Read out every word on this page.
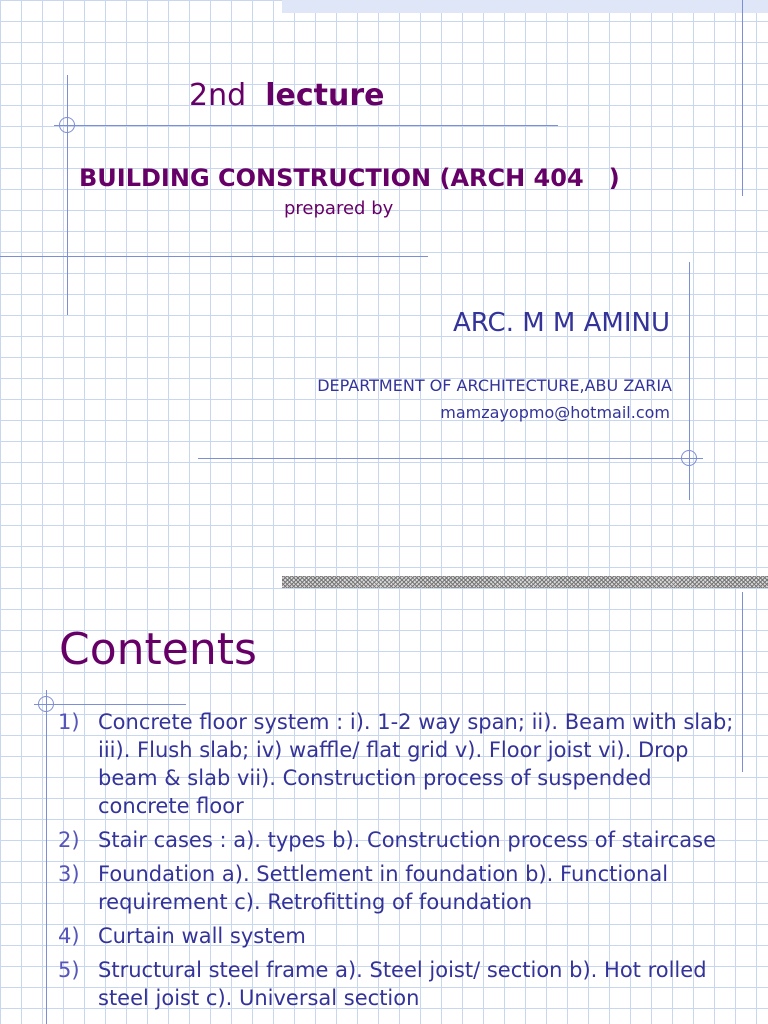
2nd lecture
BUILDING CONSTRUCTION (ARCH 404   )
prepared by
ARC. M M AMINU
DEPARTMENT OF ARCHITECTURE,ABU ZARIA
mamzayopmo@hotmail.com
Contents
1) Concrete floor system : i). 1-2 way span; ii). Beam with slab; iii). Flush slab; iv) waffle/ flat grid v). Floor joist vi). Drop beam & slab vii). Construction process of suspended concrete floor
2) Stair cases : a). types b). Construction process of staircase
3) Foundation a). Settlement in foundation b). Functional requirement c). Retrofitting of foundation
4) Curtain wall system
5) Structural steel frame a). Steel joist/ section b). Hot rolled steel joist c). Universal section
